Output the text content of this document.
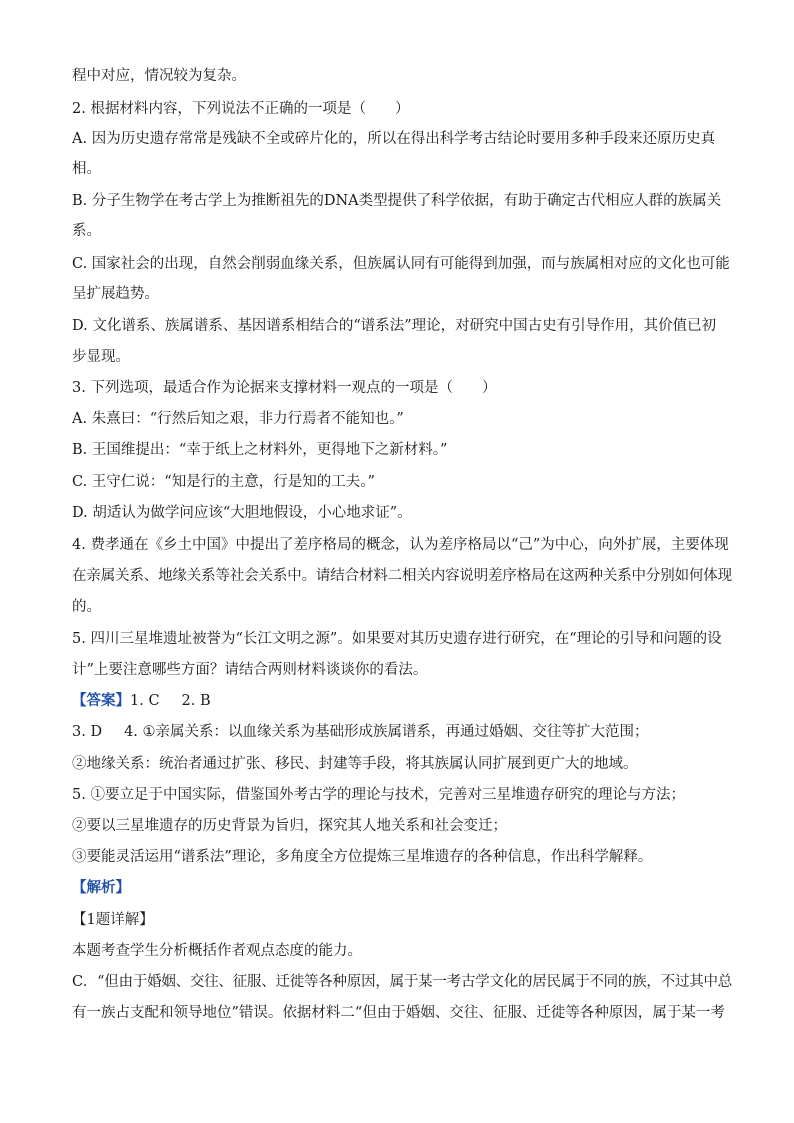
程中对应，情况较为复杂。
2. 根据材料内容，下列说法不正确的一项是（　　）
A. 因为历史遗存常常是残缺不全或碎片化的，所以在得出科学考古结论时要用多种手段来还原历史真
相。
B. 分子生物学在考古学上为推断祖先的DNA类型提供了科学依据，有助于确定古代相应人群的族属关
系。
C. 国家社会的出现，自然会削弱血缘关系，但族属认同有可能得到加强，而与族属相对应的文化也可能
呈扩展趋势。
D. 文化谱系、族属谱系、基因谱系相结合的“谱系法”理论，对研究中国古史有引导作用，其价值已初
步显现。
3. 下列选项，最适合作为论据来支撑材料一观点的一项是（　　）
A. 朱熹曰：“行然后知之艰，非力行焉者不能知也。”
B. 王国维提出：“幸于纸上之材料外，更得地下之新材料。”
C. 王守仁说：“知是行的主意，行是知的工夫。”
D. 胡适认为做学问应该“大胆地假设，小心地求证”。
4. 费孝通在《乡土中国》中提出了差序格局的概念，认为差序格局以“己”为中心，向外扩展，主要体现
在亲属关系、地缘关系等社会关系中。请结合材料二相关内容说明差序格局在这两种关系中分别如何体现
的。
5. 四川三星堆遗址被誉为“长江文明之源”。如果要对其历史遗存进行研究，在“理论的引导和问题的设
计”上要注意哪些方面？请结合两则材料谈谈你的看法。
【答案】1. C 2. B
3. D 4. ①亲属关系：以血缘关系为基础形成族属谱系，再通过婚姻、交往等扩大范围；
②地缘关系：统治者通过扩张、移民、封建等手段，将其族属认同扩展到更广大的地域。
5. ①要立足于中国实际，借鉴国外考古学的理论与技术，完善对三星堆遗存研究的理论与方法；
②要以三星堆遗存的历史背景为旨归，探究其人地关系和社会变迁；
③要能灵活运用“谱系法”理论，多角度全方位提炼三星堆遗存的各种信息，作出科学解释。
【解析】
【1题详解】
本题考查学生分析概括作者观点态度的能力。
C．“但由于婚姻、交往、征服、迁徙等各种原因，属于某一考古学文化的居民属于不同的族，不过其中总
有一族占支配和领导地位”错误。依据材料二“但由于婚姻、交往、征服、迁徙等各种原因，属于某一考
